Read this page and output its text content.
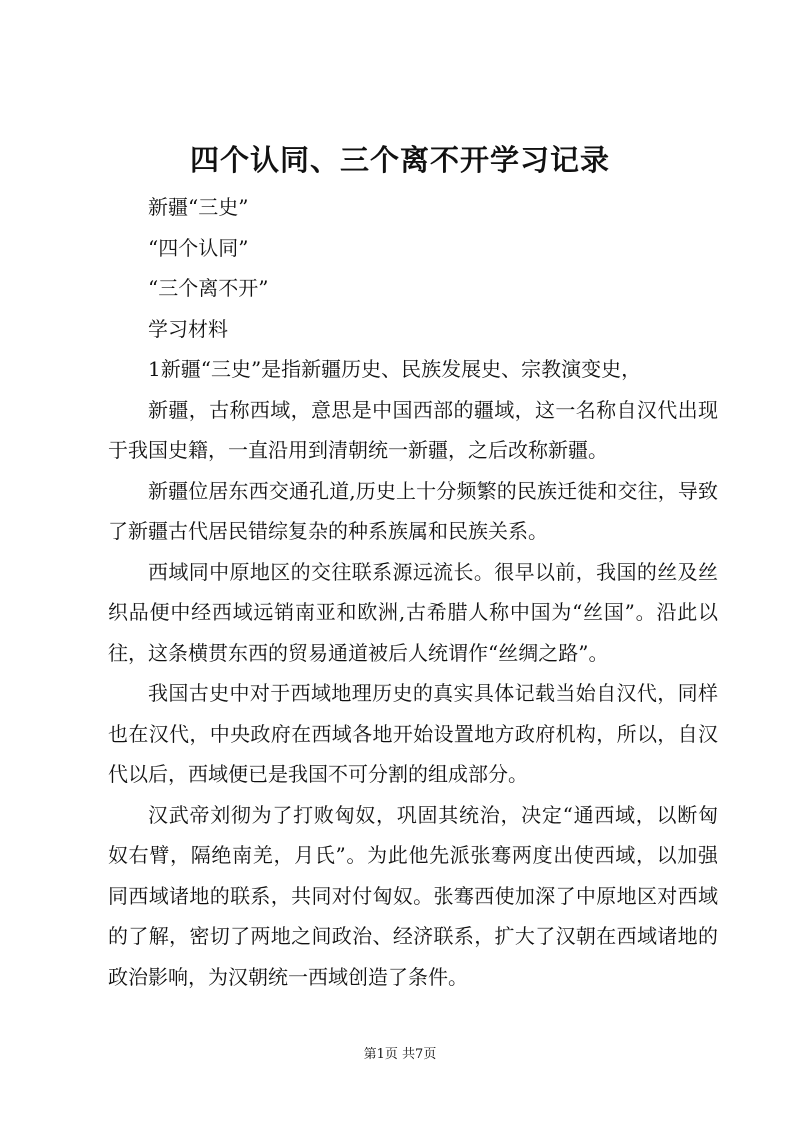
四个认同、三个离不开学习记录

新疆“三史”

“四个认同”

“三个离不开”

学习材料

1新疆“三史”是指新疆历史、民族发展史、宗教演变史，

新疆，古称西域，意思是中国西部的疆域，这一名称自汉代出现于我国史籍，一直沿用到清朝统一新疆，之后改称新疆。

新疆位居东西交通孔道,历史上十分频繁的民族迁徙和交往，导致了新疆古代居民错综复杂的种系族属和民族关系。

西域同中原地区的交往联系源远流长。很早以前，我国的丝及丝织品便中经西域远销南亚和欧洲,古希腊人称中国为“丝国”。沿此以往，这条横贯东西的贸易通道被后人统谓作“丝绸之路”。

我国古史中对于西域地理历史的真实具体记载当始自汉代，同样也在汉代，中央政府在西域各地开始设置地方政府机构，所以，自汉代以后，西域便已是我国不可分割的组成部分。

汉武帝刘彻为了打败匈奴，巩固其统治，决定“通西域，以断匈奴右臂，隔绝南羌，月氏”。为此他先派张骞两度出使西域，以加强同西域诸地的联系，共同对付匈奴。张骞西使加深了中原地区对西域的了解，密切了两地之间政治、经济联系，扩大了汉朝在西域诸地的政治影响，为汉朝统一西域创造了条件。

第1页 共7页
